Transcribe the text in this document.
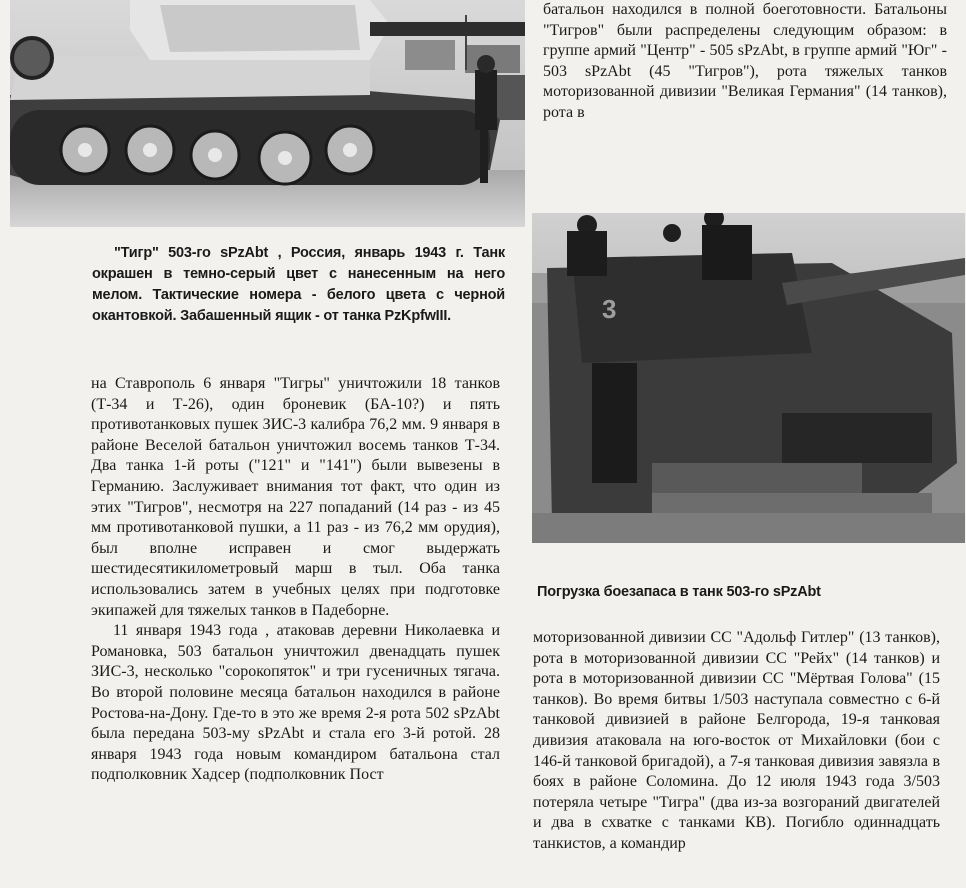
"Тигр" 503-го sPzAbt , Россия, январь 1943 г. Танк окрашен в темно-серый цвет с нанесенным на него мелом. Тактические номера - белого цвета с черной окантовкой. Забашенный ящик - от танка PzKpfwIII.

на Ставрополь 6 января "Тигры" уничтожили 18 танков (Т-34 и Т-26), один броневик (БА-10?) и пять противотанковых пушек ЗИС-3 калибра 76,2 мм. 9 января в районе Веселой батальон уничтожил восемь танков Т-34. Два танка 1-й роты ("121" и "141") были вывезены в Германию. Заслуживает внимания тот факт, что один из этих "Тигров", несмотря на 227 попаданий (14 раз - из 45 мм противотанковой пушки, а 11 раз - из 76,2 мм орудия), был вполне исправен и смог выдержать шестидесятикилометровый марш в тыл. Оба танка использовались затем в учебных целях при подготовке экипажей для тяжелых танков в Падеборне.

11 января 1943 года , атаковав деревни Николаевка и Романовка, 503 батальон уничтожил двенадцать пушек ЗИС-3, несколько "сорокопяток" и три гусеничных тягача. Во второй половине месяца батальон находился в районе Ростова-на-Дону. Где-то в это же время 2-я рота 502 sPzAbt была передана 503-му sPzAbt и стала его 3-й ротой. 28 января 1943 года новым командиром батальона стал подполковник Хадсер (подполковник Пост

батальон находился в полной боеготовности. Батальоны "Тигров" были распределены следующим образом: в группе армий "Центр" - 505 sPzAbt, в группе армий "Юг" - 503 sPzAbt (45 "Тигров"), рота тяжелых танков моторизованной дивизии "Великая Германия" (14 танков), рота в
3
Погрузка боезапаса в танк 503-го sPzAbt
моторизованной дивизии СС "Адольф Гитлер" (13 танков), рота в моторизованной дивизии СС "Рейх" (14 танков) и рота в моторизованной дивизии СС "Мёртвая Голова" (15 танков). Во время битвы 1/503 наступала совместно с 6-й танковой дивизией в районе Белгорода, 19-я танковая дивизия атаковала на юго-восток от Михайловки (бои с 146-й танковой бригадой), а 7-я танковая дивизия завязла в боях в районе Соломина. До 12 июля 1943 года 3/503 потеряла четыре "Тигра" (два из-за возгораний двигателей и два в схватке с танками КВ). Погибло одиннадцать танкистов, а командир
